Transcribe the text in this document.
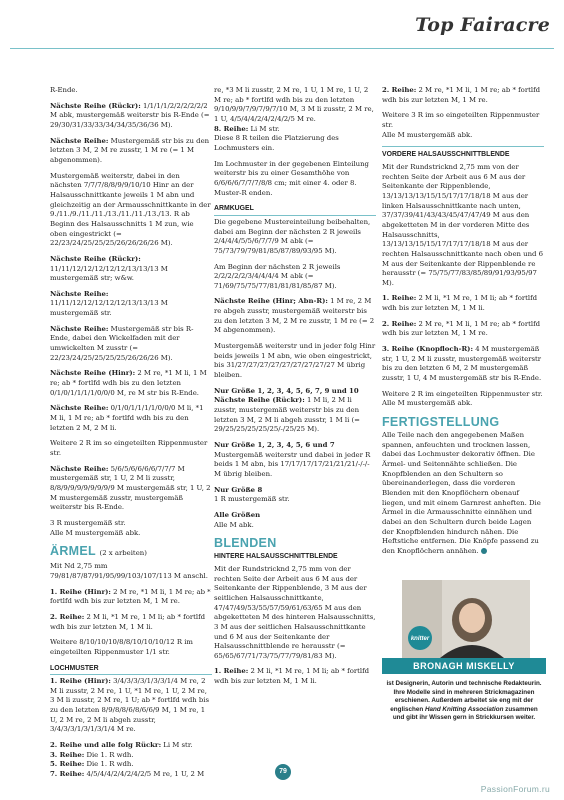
Top Fairacre

R-Ende.

Nächste Reihe (Rückr): 1/1/1/1/2/2/2/2/2/2 M abk, mustergemäß weiterstr bis R-Ende (= 29/30/31/33/33/34/34/35/36/36 M).

Nächste Reihe: Mustergemäß str bis zu den letzten 3 M, 2 M re zusstr, 1 M re (= 1 M abgenommen).

Mustergemäß weiterstr, dabei in den nächsten 7/7/7/8/8/9/9/10/10 Hinr an der Halsausschnittkante jeweils 1 M abn und gleichzeitig an der Armausschnittkante in der 9./11./9./11./11./13./11./11./13./13. R ab Beginn des Halsausschnitts 1 M zun, wie oben eingestrickt (= 22/23/24/25/25/25/26/26/26/26 M).

Nächste Reihe (Rückr): 11/11/12/12/12/12/12/13/13/13 M mustergemäß str; w&w.

Nächste Reihe: 11/11/12/12/12/12/12/13/13/13 M mustergemäß str.

Nächste Reihe: Mustergemäß str bis R-Ende, dabei den Wickelfaden mit der umwickelten M zusstr (= 22/23/24/25/25/25/25/26/26/26 M).

Nächste Reihe (Hinr): 2 M re, *1 M li, 1 M re; ab * fortlfd wdh bis zu den letzten 0/1/0/1/1/1/1/0/0/0 M, re M str bis R-Ende.

Nächste Reihe: 0/1/0/1/1/1/1/0/0/0 M li, *1 M li, 1 M re; ab * fortlfd wdh bis zu den letzten 2 M, 2 M li.

Weitere 2 R im so eingeteilten Rippenmuster str.

Nächste Reihe: 5/6/5/6/6/6/6/7/7/7 M mustergemäß str, 1 U, 2 M li zusstr, 8/8/9/9/9/9/9/9/9/9 M mustergemäß str, 1 U, 2 M mustergemäß zusstr, mustergemäß weiterstr bis R-Ende.

3 R mustergemäß str.

Alle M mustergemäß abk.

ÄRMEL (2 x arbeiten)

Mit Nd 2,75 mm 79/81/87/87/91/95/99/103/107/113 M anschl.

1. Reihe (Hinr): 2 M re, *1 M li, 1 M re; ab * fortlfd wdh bis zur letzten M, 1 M re.

2. Reihe: 2 M li, *1 M re, 1 M li; ab * fortlfd wdh bis zur letzten M, 1 M li.

Weitere 8/10/10/10/8/8/10/10/10/12 R im eingeteilten Rippenmuster 1/1 str.

LOCHMUSTER

1. Reihe (Hinr): 3/4/3/3/3/1/3/3/1/4 M re, 2 M li zusstr, 2 M re, 1 U, *1 M re, 1 U, 2 M re, 3 M li zusstr, 2 M re, 1 U; ab * fortlfd wdh bis zu den letzten 8/9/8/8/6/8/6/6/9 M, 1 M re, 1 U, 2 M re, 2 M li abgeh zusstr, 3/4/3/3/1/3/1/3/1/4 M re.

2. Reihe und alle folg Rückr: Li M str.

3. Reihe: Die 1. R wdh.

5. Reihe: Die 1. R wdh.

7. Reihe: 4/5/4/4/2/4/2/4/2/5 M re, 1 U, 2 M

re, *3 M li zusstr, 2 M re, 1 U, 1 M re, 1 U, 2 M re; ab * fortlfd wdh bis zu den letzten 9/10/9/9/7/9/7/9/7/10 M, 3 M li zusstr, 2 M re, 1 U, 4/5/4/4/2/4/2/4/2/5 M re.

8. Reihe: Li M str.

Diese 8 R teilen die Platzierung des Lochmusters ein.

Im Lochmuster in der gegebenen Einteilung weiterstr bis zu einer Gesamthöhe von 6/6/6/6/7/7/7/8/8 cm; mit einer 4. oder 8. Muster-R enden.

ARMKUGEL

Die gegebene Mustereinteilung beibehalten, dabei am Beginn der nächsten 2 R jeweils 2/4/4/4/5/5/6/7/7/9 M abk (= 75/73/79/79/81/85/87/89/93/95 M).

Am Beginn der nächsten 2 R jeweils 2/2/2/2/2/3/4/4/4/4 M abk (= 71/69/75/75/77/81/81/81/85/87 M).

Nächste Reihe (Hinr; Abn-R): 1 M re, 2 M re abgeh zusstr, mustergemäß weiterstr bis zu den letzten 3 M, 2 M re zusstr, 1 M re (= 2 M abgenommen).

Mustergemäß weiterstr und in jeder folg Hinr beids jeweils 1 M abn, wie oben eingestrickt, bis 31/27/27/27/27/27/27/27/27/27 M übrig bleiben.

Nur Größe 1, 2, 3, 4, 5, 6, 7, 9 und 10

Nächste Reihe (Rückr): 1 M li, 2 M li zusstr, mustergemäß weiterstr bis zu den letzten 3 M, 2 M li abgeh zusstr, 1 M li (= 29/25/25/25/25/25/-/25/25 M).

Nur Größe 1, 2, 3, 4, 5, 6 und 7

Mustergemäß weiterstr und dabei in jeder R beids 1 M abn, bis 17/17/17/17/21/21/21/-/-/- M übrig bleiben.

Nur Größe 8

1 R mustergemäß str.

Alle Größen

Alle M abk.

BLENDEN
HINTERE HALSAUSSCHNITTBLENDE

Mit der Rundstricknd 2,75 mm von der rechten Seite der Arbeit aus 6 M aus der Seitenkante der Rippenblende, 3 M aus der seitlichen Halsausschnittkante, 47/47/49/53/55/57/59/61/63/65 M aus den abgeketteten M des hinteren Halsausschnitts, 3 M aus der seitlichen Halsausschnittkante und 6 M aus der Seitenkante der Halsausschnittblende re herausstr (= 65/65/67/71/73/75/77/79/81/83 M).

1. Reihe: 2 M li, *1 M re, 1 M li; ab * fortlfd wdh bis zur letzten M, 1 M li.

2. Reihe: 2 M re, *1 M li, 1 M re; ab * fortlfd wdh bis zur letzten M, 1 M re.

Weitere 3 R im so eingeteilten Rippenmuster str.

Alle M mustergemäß abk.

VORDERE HALSAUSSCHNITTBLENDE

Mit der Rundstricknd 2,75 mm von der rechten Seite der Arbeit aus 6 M aus der Seitenkante der Rippenblende, 13/13/13/13/15/15/17/17/18/18 M aus der linken Halsausschnittkante nach unten, 37/37/39/41/43/43/45/47/47/49 M aus den abgeketteten M in der vorderen Mitte des Halsausschnitts, 13/13/13/15/15/17/17/17/18/18 M aus der rechten Halsausschnittkante nach oben und 6 M aus der Seitenkante der Rippenblende re herausstr (= 75/75/77/83/85/89/91/93/95/97 M).

1. Reihe: 2 M li, *1 M re, 1 M li; ab * fortlfd wdh bis zur letzten M, 1 M li.

2. Reihe: 2 M re, *1 M li, 1 M re; ab * fortlfd wdh bis zur letzten M, 1 M re.

3. Reihe (Knopfloch-R): 4 M mustergemäß str, 1 U, 2 M li zusstr, mustergemäß weiterstr bis zu den letzten 6 M, 2 M mustergemäß zusstr, 1 U, 4 M mustergemäß str bis R-Ende.

Weitere 2 R im eingeteilten Rippenmuster str.

Alle M mustergemäß abk.

FERTIGSTELLUNG

Alle Teile nach den angegebenen Maßen spannen, anfeuchten und trocknen lassen, dabei das Lochmuster dekorativ öffnen. Die Ärmel- und Seitennähte schließen. Die Knopfblenden an den Schultern so übereinanderlegen, dass die vorderen Blenden mit den Knopflöchern obenauf liegen, und mit einem Garnrest anheften. Die Ärmel in die Armausschnitte einnähen und dabei an den Schultern durch beide Lagen der Knopfblenden hindurch nähen. Die Heftstiche entfernen. Die Knöpfe passend zu den Knopflöchern annähen.

knitter
BRONAGH MISKELLY
ist Designerin, Autorin und technische Redakteurin. Ihre Modelle sind in mehreren Strickmagazinen erschienen. Außerdem arbeitet sie eng mit der englischen Hand Knitting Association zusammen und gibt ihr Wissen gern in Strickkursen weiter.
79
PassionForum.ru
